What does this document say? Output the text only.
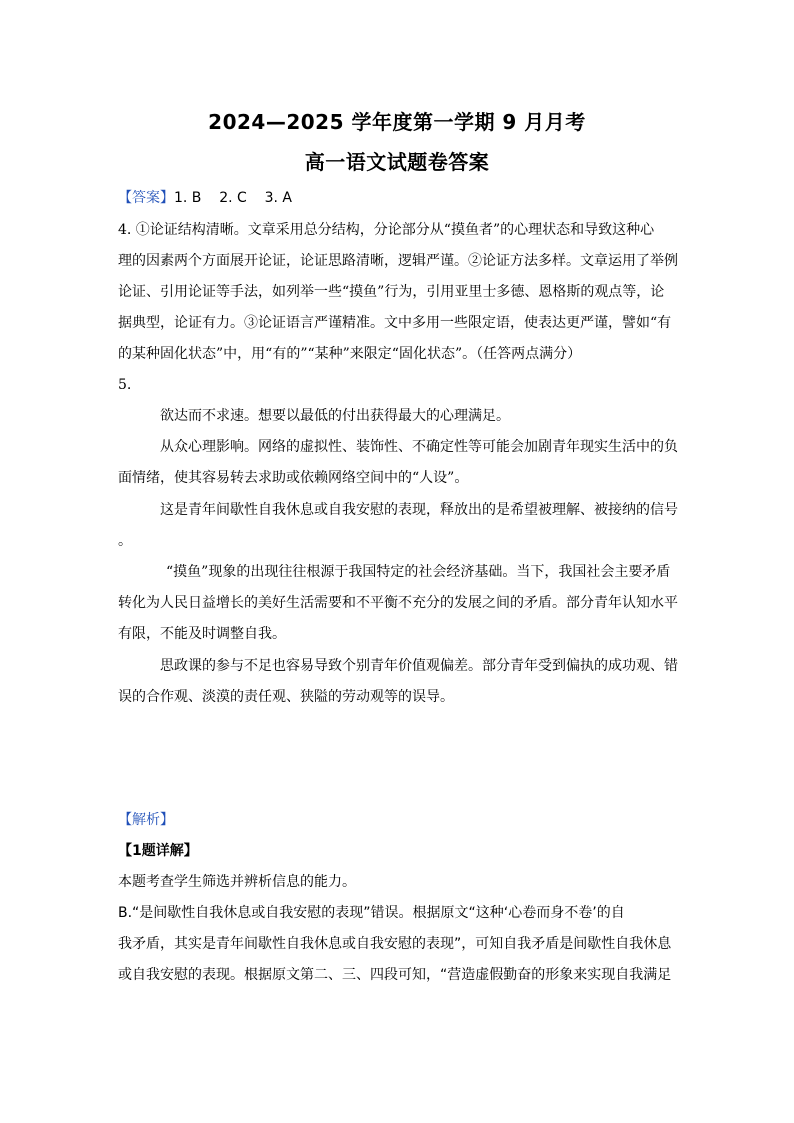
2024—2025 学年度第一学期 9 月月考
高一语文试题卷答案
【答案】1. B    2. C    3. A
4. ①论证结构清晰。文章采用总分结构，分论部分从“摸鱼者”的心理状态和导致这种心
理的因素两个方面展开论证，论证思路清晰，逻辑严谨。②论证方法多样。文章运用了举例
论证、引用论证等手法，如列举一些“摸鱼”行为，引用亚里士多德、恩格斯的观点等，论
据典型，论证有力。③论证语言严谨精准。文中多用一些限定语，使表达更严谨，譬如“有
的某种固化状态”中，用“有的”“某种”来限定“固化状态”。（任答两点满分）
5.
欲达而不求速。想要以最低的付出获得最大的心理满足。
从众心理影响。网络的虚拟性、装饰性、不确定性等可能会加剧青年现实生活中的负
面情绪，使其容易转去求助或依赖网络空间中的“人设”。
这是青年间歇性自我休息或自我安慰的表现，释放出的是希望被理解、被接纳的信号
。
“摸鱼”现象的出现往往根源于我国特定的社会经济基础。当下，我国社会主要矛盾
转化为人民日益增长的美好生活需要和不平衡不充分的发展之间的矛盾。部分青年认知水平
有限，不能及时调整自我。
思政课的参与不足也容易导致个别青年价值观偏差。部分青年受到偏执的成功观、错
误的合作观、淡漠的责任观、狭隘的劳动观等的误导。
【解析】
【1题详解】
本题考查学生筛选并辨析信息的能力。
B.“是间歇性自我休息或自我安慰的表现”错误。根据原文“这种‘心卷而身不卷’的自
我矛盾，其实是青年间歇性自我休息或自我安慰的表现”，可知自我矛盾是间歇性自我休息
或自我安慰的表现。根据原文第二、三、四段可知，“营造虚假勤奋的形象来实现自我满足
